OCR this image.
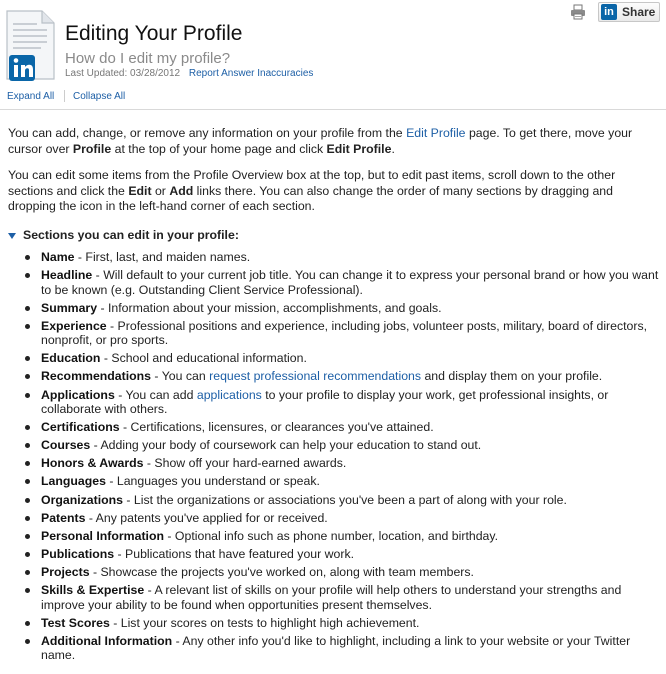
Editing Your Profile
How do I edit my profile?
Last Updated: 03/28/2012 Report Answer Inaccuracies
in Share
Expand All Collapse All

You can add, change, or remove any information on your profile from the Edit Profile page. To get there, move your cursor over Profile at the top of your home page and click Edit Profile.

You can edit some items from the Profile Overview box at the top, but to edit past items, scroll down to the other sections and click the Edit or Add links there. You can also change the order of many sections by dragging and dropping the icon in the left-hand corner of each section.

Sections you can edit in your profile:
Name - First, last, and maiden names.
Headline - Will default to your current job title. You can change it to express your personal brand or how you want to be known (e.g. Outstanding Client Service Professional).
Summary - Information about your mission, accomplishments, and goals.
Experience - Professional positions and experience, including jobs, volunteer posts, military, board of directors, nonprofit, or pro sports.
Education - School and educational information.
Recommendations - You can request professional recommendations and display them on your profile.
Applications - You can add applications to your profile to display your work, get professional insights, or collaborate with others.
Certifications - Certifications, licensures, or clearances you've attained.
Courses - Adding your body of coursework can help your education to stand out.
Honors & Awards - Show off your hard-earned awards.
Languages - Languages you understand or speak.
Organizations - List the organizations or associations you've been a part of along with your role.
Patents - Any patents you've applied for or received.
Personal Information - Optional info such as phone number, location, and birthday.
Publications - Publications that have featured your work.
Projects - Showcase the projects you've worked on, along with team members.
Skills & Expertise - A relevant list of skills on your profile will help others to understand your strengths and improve your ability to be found when opportunities present themselves.
Test Scores - List your scores on tests to highlight high achievement.
Additional Information - Any other info you'd like to highlight, including a link to your website or your Twitter name.
